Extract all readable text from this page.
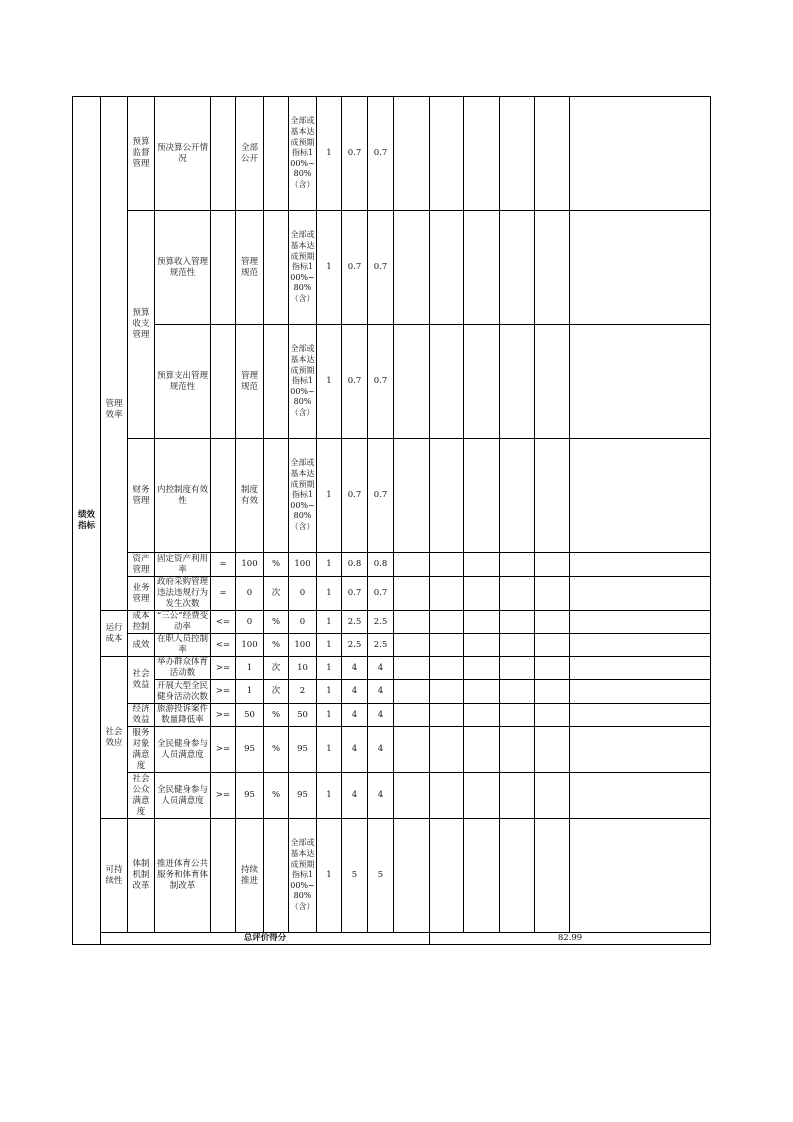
绩效指标		预算监督管理	预决算公开情况		全部公开		全部或基本达成预期指标100%~80%（含）	1	0.7	0.7						
	管理效率	预算收支管理	预算收入管理规范性		管理规范		全部或基本达成预期指标100%~80%（含）	1	0.7	0.7						
			预算支出管理规范性		管理规范		全部或基本达成预期指标100%~80%（含）	1	0.7	0.7						
		财务管理	内控制度有效性		制度有效		全部或基本达成预期指标100%~80%（含）	1	0.7	0.7						
		资产管理	固定资产利用率	=	100	%	100	1	0.8	0.8						
		业务管理	政府采购管理违法违规行为发生次数	=	0	次	0	1	0.7	0.7						
	运行成本	成本控制	“三公”经费变动率	<=	0	%	0	1	2.5	2.5						
		成效	在职人员控制率	<=	100	%	100	1	2.5	2.5						
	社会效应	社会效益	举办群众体育活动数	>=	1	次	10	1	4	4						
			开展大型全民健身活动次数	>=	1	次	2	1	4	4						
		经济效益	旅游投诉案件数量降低率	>=	50	%	50	1	4	4						
		服务对象满意度	全民健身参与人员满意度	>=	95	%	95	1	4	4						
		社会公众满意度	全民健身参与人员满意度	>=	95	%	95	1	4	4						
	可持续性	体制机制改革	推进体育公共服务和体育体制改革		持续推进		全部或基本达成预期指标100%~80%（含）	1	5	5						
	总评价得分											82.99				
